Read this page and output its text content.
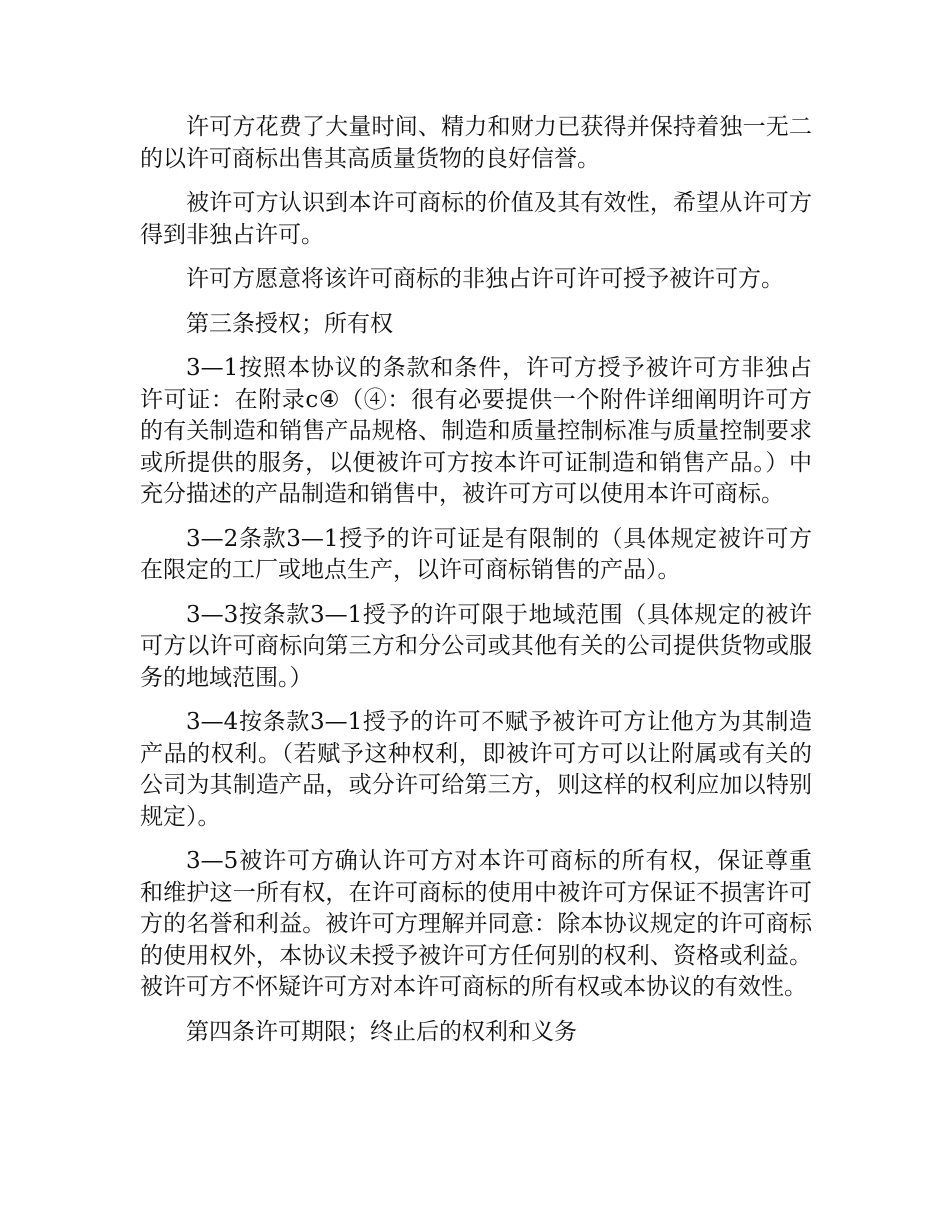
许可方花费了大量时间、精力和财力已获得并保持着独一无二的以许可商标出售其高质量货物的良好信誉。

被许可方认识到本许可商标的价值及其有效性，希望从许可方得到非独占许可。

许可方愿意将该许可商标的非独占许可许可授予被许可方。

第三条授权；所有权

3—1按照本协议的条款和条件，许可方授予被许可方非独占许可证：在附录c④（④：很有必要提供一个附件详细阐明许可方的有关制造和销售产品规格、制造和质量控制标准与质量控制要求或所提供的服务，以便被许可方按本许可证制造和销售产品。）中充分描述的产品制造和销售中，被许可方可以使用本许可商标。

3—2条款3—1授予的许可证是有限制的（具体规定被许可方在限定的工厂或地点生产，以许可商标销售的产品）。

3—3按条款3—1授予的许可限于地域范围（具体规定的被许可方以许可商标向第三方和分公司或其他有关的公司提供货物或服务的地域范围。）

3—4按条款3—1授予的许可不赋予被许可方让他方为其制造产品的权利。（若赋予这种权利，即被许可方可以让附属或有关的公司为其制造产品，或分许可给第三方，则这样的权利应加以特别规定）。

3—5被许可方确认许可方对本许可商标的所有权，保证尊重和维护这一所有权，在许可商标的使用中被许可方保证不损害许可方的名誉和利益。被许可方理解并同意：除本协议规定的许可商标的使用权外，本协议未授予被许可方任何别的权利、资格或利益。被许可方不怀疑许可方对本许可商标的所有权或本协议的有效性。

第四条许可期限；终止后的权利和义务
